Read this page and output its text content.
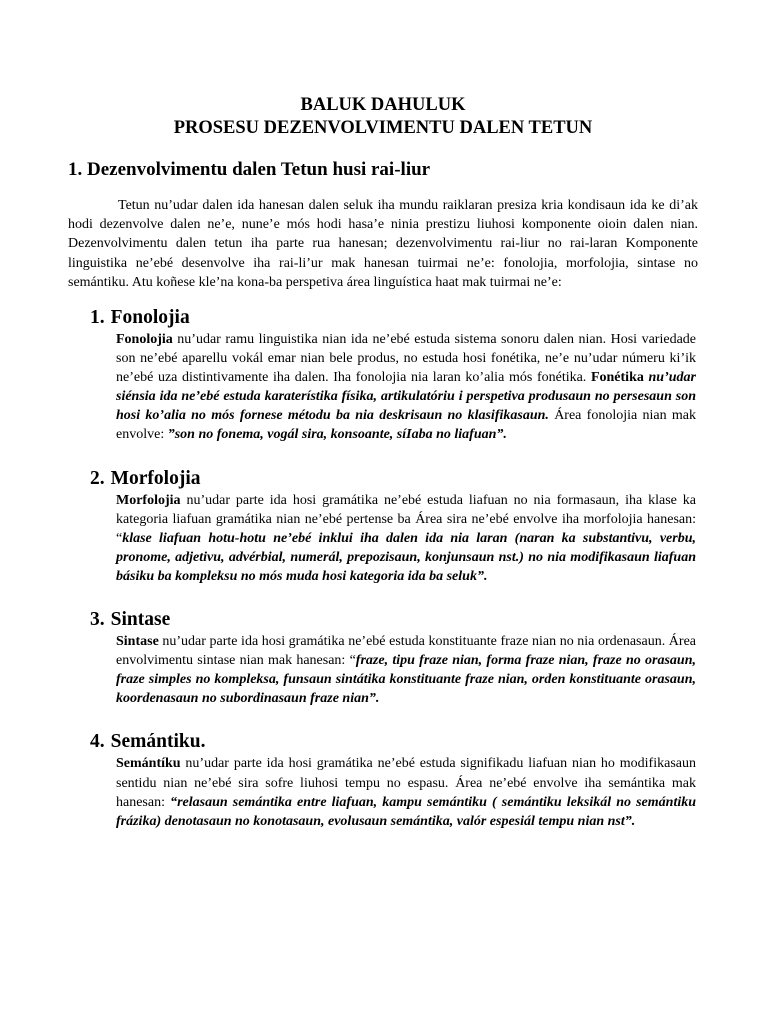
BALUK DAHULUK
PROSESU DEZENVOLVIMENTU DALEN TETUN
1. Dezenvolvimentu dalen Tetun husi rai-liur

Tetun nu’udar dalen ida hanesan dalen seluk iha mundu raiklaran presiza kria kondisaun ida ke di’ak hodi dezenvolve dalen ne’e, nune’e mós hodi hasa’e ninia prestizu liuhosi komponente oioin dalen nian. Dezenvolvimentu dalen tetun iha parte rua hanesan; dezenvolvimentu rai-liur no rai-laran Komponente linguistika ne’ebé desenvolve iha rai-li’ur mak hanesan tuirmai ne’e: fonolojia, morfolojia, sintase no semántiku. Atu koñese kle’na kona-ba perspetiva área linguística haat mak tuirmai ne’e:

1. Fonolojia
Fonolojia nu’udar ramu linguistika nian ida ne’ebé estuda sistema sonoru dalen nian. Hosi variedade son ne’ebé aparellu vokál emar nian bele produs, no estuda hosi fonétika, ne’e nu’udar númeru ki’ik ne’ebé uza distintivamente iha dalen. Iha fonolojia nia laran ko’alia mós fonétika. Fonétika nu’udar siénsia ida ne’ebé estuda karaterístika físika, artikulatóriu i perspetiva produsaun no persesaun son hosi ko’alia no mós fornese métodu ba nia deskrisaun no klasifikasaun. Área fonolojia nian mak envolve: ”son no fonema, vogál sira, konsoante, síIaba no liafuan”.
2. Morfolojia
Morfolojia nu’udar parte ida hosi gramátika ne’ebé estuda liafuan no nia formasaun, iha klase ka kategoria liafuan gramátika nian ne’ebé pertense ba Área sira ne’ebé envolve iha morfolojia hanesan: “klase liafuan hotu-hotu ne’ebé inklui iha dalen ida nia laran (naran ka substantivu, verbu, pronome, adjetivu, advérbial, numerál, prepozisaun, konjunsaun nst.) no nia modifikasaun liafuan básiku ba kompleksu no mós muda hosi kategoria ida ba seluk”.
3. Sintase
Sintase nu’udar parte ida hosi gramátika ne’ebé estuda konstituante fraze nian no nia ordenasaun. Área envolvimentu sintase nian mak hanesan: “fraze, tipu fraze nian, forma fraze nian, fraze no orasaun, fraze simples no kompleksa, funsaun sintátika konstituante fraze nian, orden konstituante orasaun, koordenasaun no subordinasaun fraze nian”.
4. Semántiku.
Semántíku nu’udar parte ida hosi gramátika ne’ebé estuda signifikadu liafuan nian ho modifikasaun sentidu nian ne’ebé sira sofre liuhosi tempu no espasu. Área ne’ebé envolve iha semántika mak hanesan: “relasaun semántika entre liafuan, kampu semántiku ( semántiku leksikál no semántiku frázika) denotasaun no konotasaun, evolusaun semántika, valór espesiál tempu nian nst”.
